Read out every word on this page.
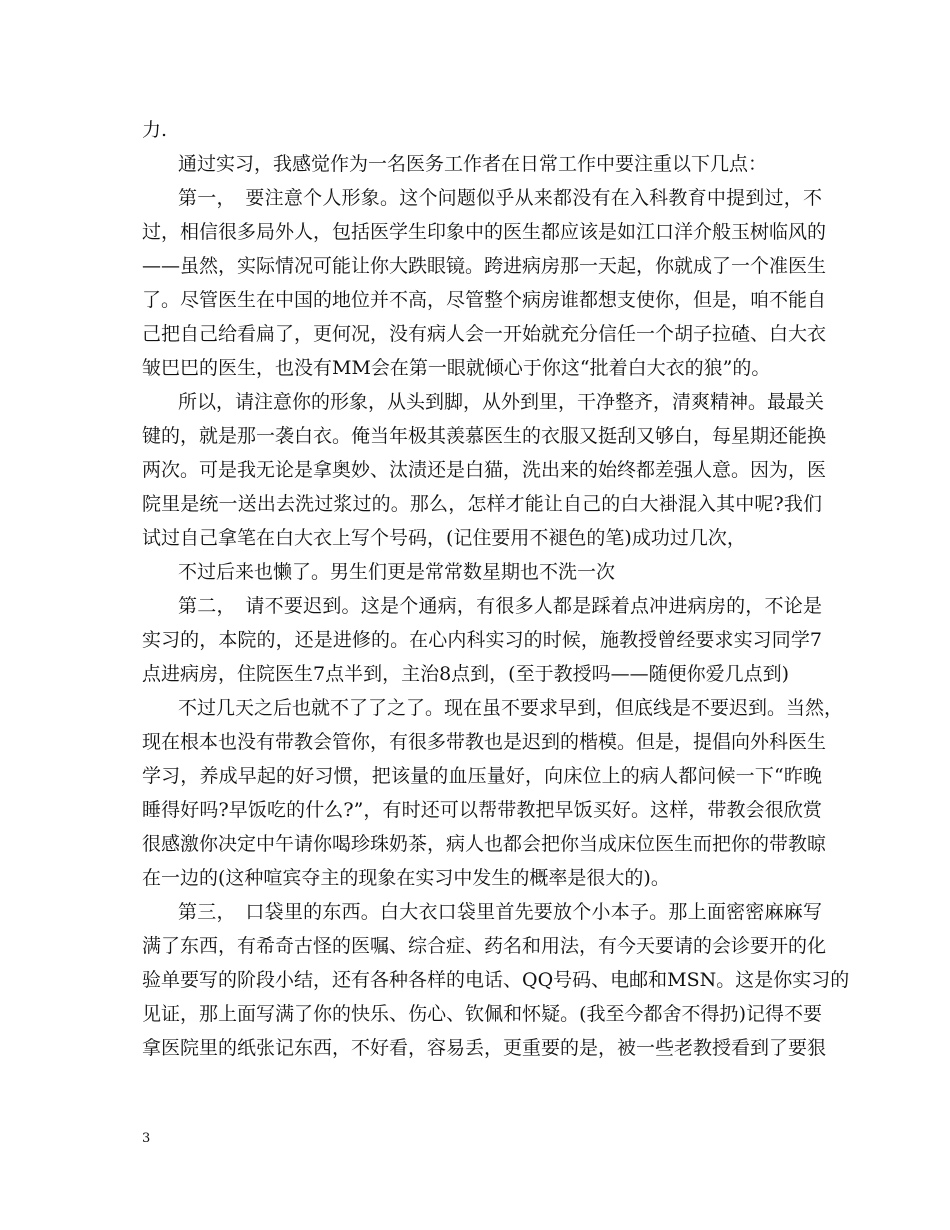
力.
通过实习，我感觉作为一名医务工作者在日常工作中要注重以下几点：
第一，　要注意个人形象。这个问题似乎从来都没有在入科教育中提到过，不
过，相信很多局外人，包括医学生印象中的医生都应该是如江口洋介般玉树临风的
——虽然，实际情况可能让你大跌眼镜。跨进病房那一天起，你就成了一个准医生
了。尽管医生在中国的地位并不高，尽管整个病房谁都想支使你，但是，咱不能自
己把自己给看扁了，更何况，没有病人会一开始就充分信任一个胡子拉碴、白大衣
皱巴巴的医生，也没有MM会在第一眼就倾心于你这“批着白大衣的狼”的。
所以，请注意你的形象，从头到脚，从外到里，干净整齐，清爽精神。最最关
键的，就是那一袭白衣。俺当年极其羡慕医生的衣服又挺刮又够白，每星期还能换
两次。可是我无论是拿奥妙、汰渍还是白猫，洗出来的始终都差强人意。因为，医
院里是统一送出去洗过浆过的。那么，怎样才能让自己的白大褂混入其中呢?我们
试过自己拿笔在白大衣上写个号码，(记住要用不褪色的笔)成功过几次，
不过后来也懒了。男生们更是常常数星期也不洗一次
第二，　请不要迟到。这是个通病，有很多人都是踩着点冲进病房的，不论是
实习的，本院的，还是进修的。在心内科实习的时候，施教授曾经要求实习同学7
点进病房，住院医生7点半到，主治8点到，(至于教授吗——随便你爱几点到)
不过几天之后也就不了了之了。现在虽不要求早到，但底线是不要迟到。当然，
现在根本也没有带教会管你，有很多带教也是迟到的楷模。但是，提倡向外科医生
学习，养成早起的好习惯，把该量的血压量好，向床位上的病人都问候一下“昨晚
睡得好吗?早饭吃的什么?”，有时还可以帮带教把早饭买好。这样，带教会很欣赏
很感激你决定中午请你喝珍珠奶茶，病人也都会把你当成床位医生而把你的带教晾
在一边的(这种喧宾夺主的现象在实习中发生的概率是很大的)。
第三，　口袋里的东西。白大衣口袋里首先要放个小本子。那上面密密麻麻写
满了东西，有希奇古怪的医嘱、综合症、药名和用法，有今天要请的会诊要开的化
验单要写的阶段小结，还有各种各样的电话、QQ号码、电邮和MSN。这是你实习的
见证，那上面写满了你的快乐、伤心、钦佩和怀疑。(我至今都舍不得扔)记得不要
拿医院里的纸张记东西，不好看，容易丢，更重要的是，被一些老教授看到了要狠
3
